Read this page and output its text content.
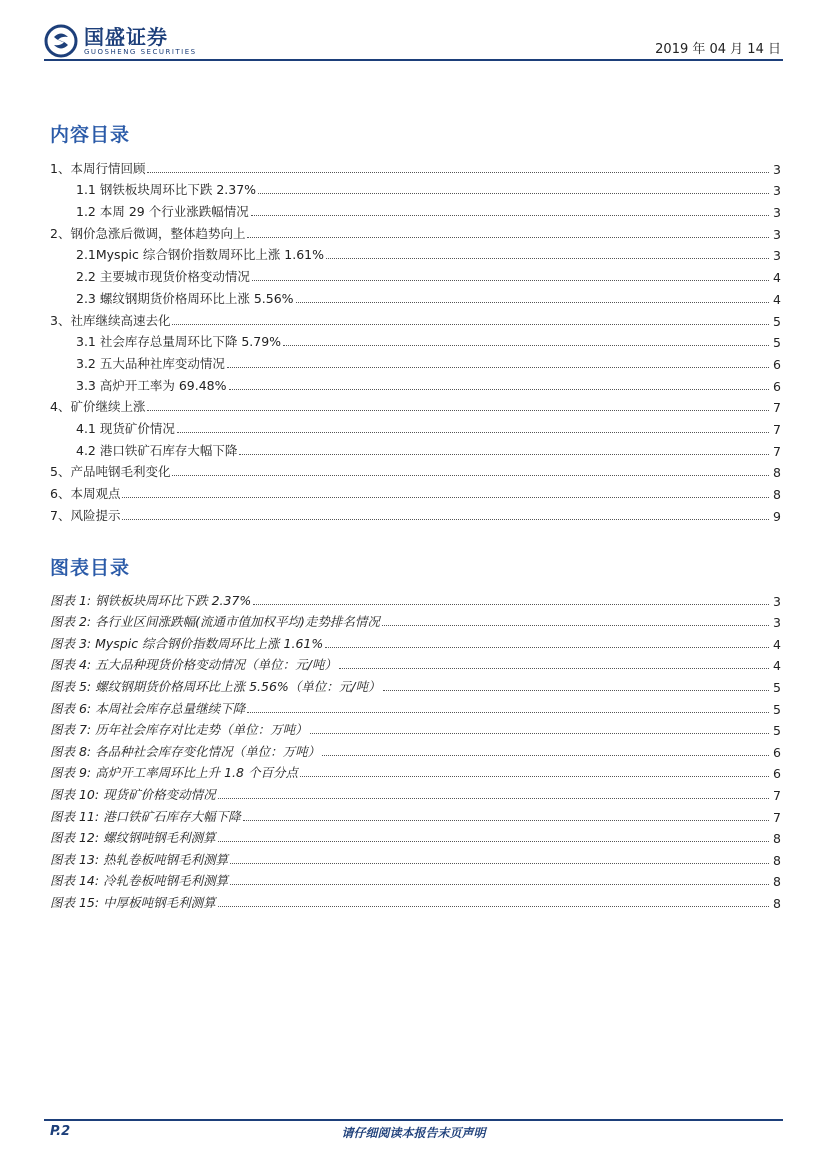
国盛证券
GUOSHENG SECURITIES	2019 年 04 月 14 日
内容目录
1、本周行情回顾	3
1.1 钢铁板块周环比下跌 2.37%	3
1.2 本周 29 个行业涨跌幅情况	3
2、钢价急涨后微调，整体趋势向上	3
2.1Myspic 综合钢价指数周环比上涨 1.61%	3
2.2 主要城市现货价格变动情况	4
2.3 螺纹钢期货价格周环比上涨 5.56%	4
3、社库继续高速去化	5
3.1 社会库存总量周环比下降 5.79%	5
3.2 五大品种社库变动情况	6
3.3 高炉开工率为 69.48%	6
4、矿价继续上涨	7
4.1 现货矿价情况	7
4.2 港口铁矿石库存大幅下降	7
5、产品吨钢毛利变化	8
6、本周观点	8
7、风险提示	9
图表目录
图表 1: 钢铁板块周环比下跌 2.37%	3
图表 2: 各行业区间涨跌幅(流通市值加权平均)走势排名情况	3
图表 3: Myspic 综合钢价指数周环比上涨 1.61%	4
图表 4: 五大品种现货价格变动情况（单位：元/吨）	4
图表 5: 螺纹钢期货价格周环比上涨 5.56%（单位：元/吨）	5
图表 6: 本周社会库存总量继续下降	5
图表 7: 历年社会库存对比走势（单位：万吨）	5
图表 8: 各品种社会库存变化情况（单位：万吨）	6
图表 9: 高炉开工率周环比上升 1.8 个百分点	6
图表 10: 现货矿价格变动情况	7
图表 11: 港口铁矿石库存大幅下降	7
图表 12: 螺纹钢吨钢毛利测算	8
图表 13: 热轧卷板吨钢毛利测算	8
图表 14: 冷轧卷板吨钢毛利测算	8
图表 15: 中厚板吨钢毛利测算	8
P.2	请仔细阅读本报告末页声明
